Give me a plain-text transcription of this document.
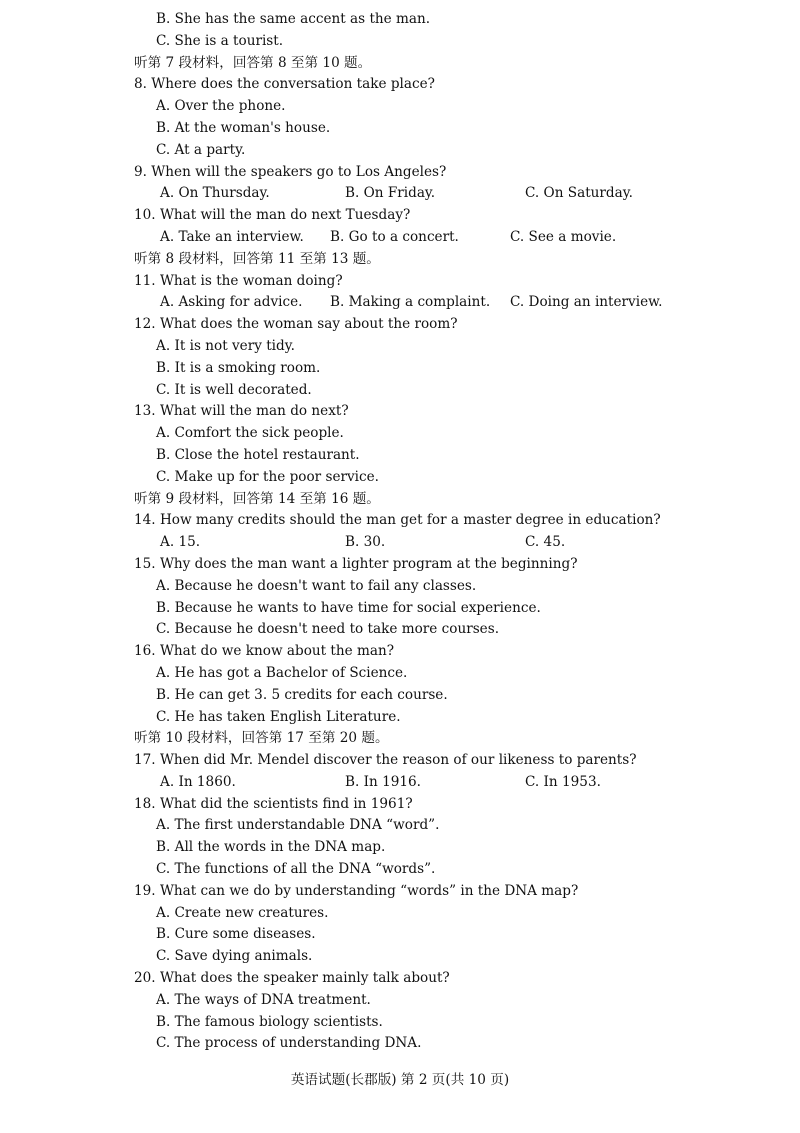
B. She has the same accent as the man.
C. She is a tourist.
听第 7 段材料，回答第 8 至第 10 题。
8. Where does the conversation take place?
A. Over the phone.
B. At the woman's house.
C. At a party.
9. When will the speakers go to Los Angeles?
A. On Thursday.	B. On Friday.	C. On Saturday.
10. What will the man do next Tuesday?
A. Take an interview.	B. Go to a concert.	C. See a movie.
听第 8 段材料，回答第 11 至第 13 题。
11. What is the woman doing?
A. Asking for advice.	B. Making a complaint.	C. Doing an interview.
12. What does the woman say about the room?
A. It is not very tidy.
B. It is a smoking room.
C. It is well decorated.
13. What will the man do next?
A. Comfort the sick people.
B. Close the hotel restaurant.
C. Make up for the poor service.
听第 9 段材料，回答第 14 至第 16 题。
14. How many credits should the man get for a master degree in education?
A. 15.	B. 30.	C. 45.
15. Why does the man want a lighter program at the beginning?
A. Because he doesn't want to fail any classes.
B. Because he wants to have time for social experience.
C. Because he doesn't need to take more courses.
16. What do we know about the man?
A. He has got a Bachelor of Science.
B. He can get 3. 5 credits for each course.
C. He has taken English Literature.
听第 10 段材料，回答第 17 至第 20 题。
17. When did Mr. Mendel discover the reason of our likeness to parents?
A. In 1860.	B. In 1916.	C. In 1953.
18. What did the scientists find in 1961?
A. The first understandable DNA “word”.
B. All the words in the DNA map.
C. The functions of all the DNA “words”.
19. What can we do by understanding “words” in the DNA map?
A. Create new creatures.
B. Cure some diseases.
C. Save dying animals.
20. What does the speaker mainly talk about?
A. The ways of DNA treatment.
B. The famous biology scientists.
C. The process of understanding DNA.
英语试题(长郡版) 第 2 页(共 10 页)
